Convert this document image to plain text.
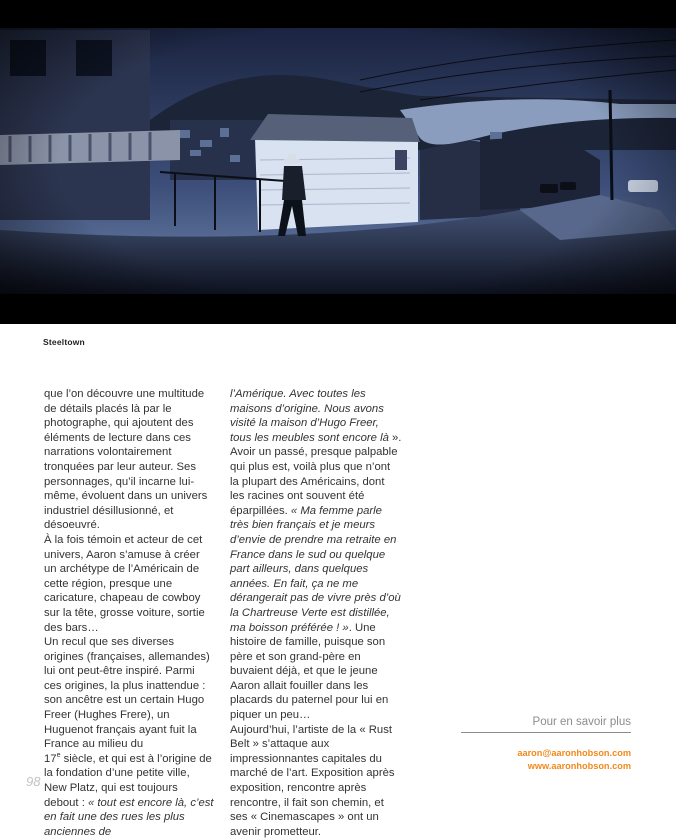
Steeltown

que l’on découvre une multitude de détails placés là par le photographe, qui ajoutent des éléments de lecture dans ces narrations volontairement tronquées par leur auteur. Ses personnages, qu’il incarne lui-même, évoluent dans un univers industriel désillusionné, et désoeuvré.

À la fois témoin et acteur de cet univers, Aaron s’amuse à créer un archétype de l’Américain de cette région, presque une caricature, chapeau de cowboy sur la tête, grosse voiture, sortie des bars…

Un recul que ses diverses origines (françaises, allemandes) lui ont peut-être inspiré. Parmi ces origines, la plus inattendue : son ancêtre est un certain Hugo Freer (Hughes Frere), un Huguenot français ayant fuit la France au milieu du
17e siècle, et qui est à l’origine de la fondation d’une petite ville, New Platz, qui est toujours debout : « tout est encore là, c’est en fait une des rues les plus anciennes de

l’Amérique. Avec toutes les maisons d’origine. Nous avons visité la maison d’Hugo Freer, tous les meubles sont encore là ». Avoir un passé, presque palpable qui plus est, voilà plus que n’ont la plupart des Américains, dont les racines ont souvent été éparpillées. « Ma femme parle très bien français et je meurs d’envie de prendre ma retraite en France dans le sud ou quelque part ailleurs, dans quelques années. En fait, ça ne me dérangerait pas de vivre près d’où la Chartreuse Verte est distillée, ma boisson préférée ! ». Une histoire de famille, puisque son père et son grand-père en buvaient déjà, et que le jeune Aaron allait fouiller dans les placards du paternel pour lui en piquer un peu…

Aujourd’hui, l’artiste de la « Rust Belt » s’attaque aux impressionnantes capitales du marché de l’art. Exposition après exposition, rencontre après rencontre, il fait son chemin, et ses « Cinemascapes » ont un avenir prometteur.

Pour en savoir plus
aaron@aaronhobson.com
www.aaronhobson.com
98
